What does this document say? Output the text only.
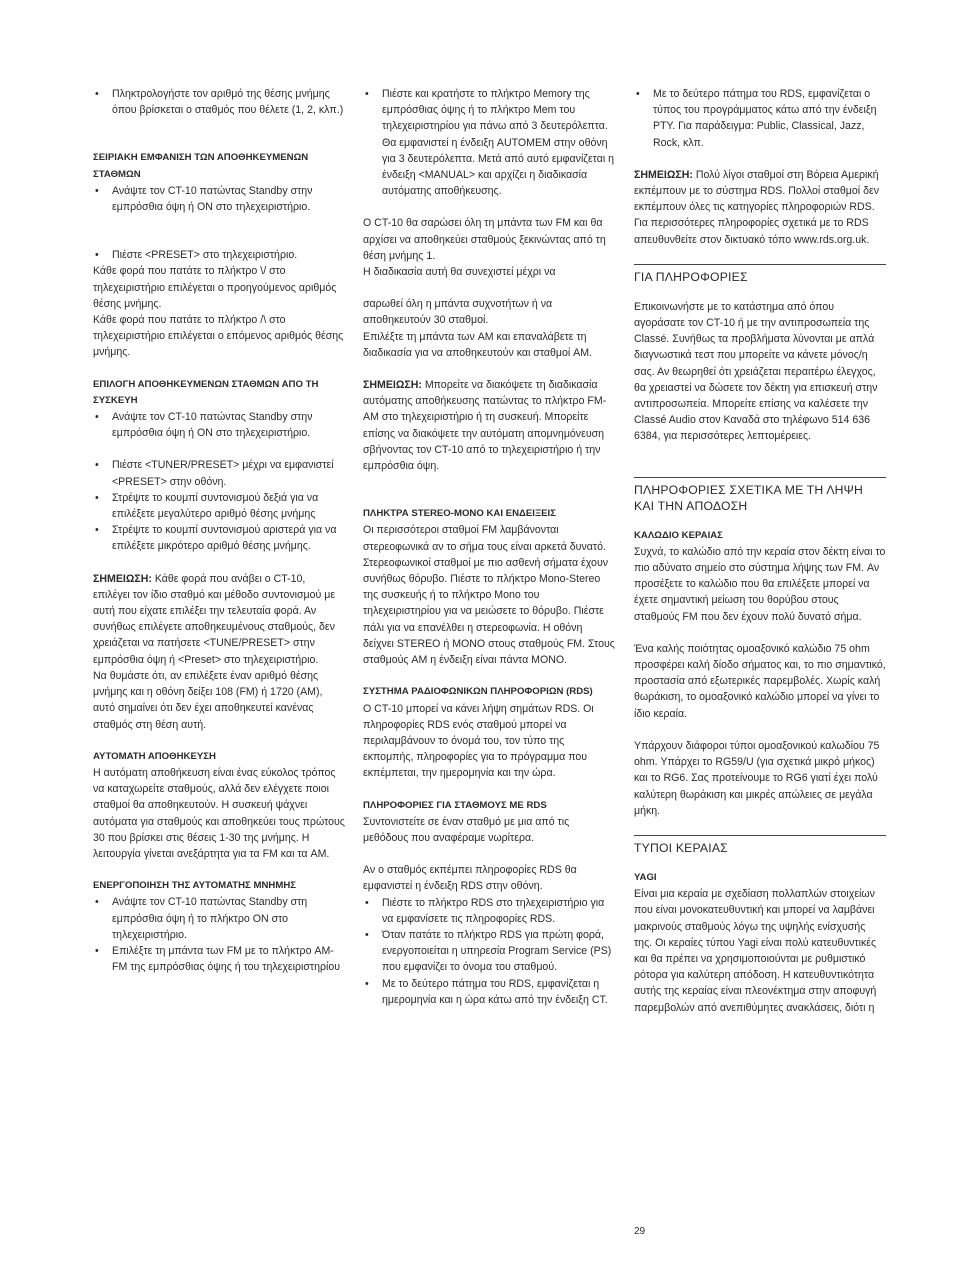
• Πληκτρολογήστε τον αριθμό της θέσης μνήμης όπου βρίσκεται ο σταθμός που θέλετε (1, 2, κλπ.)

ΣΕΙΡΙΑΚΗ ΕΜΦΑΝΙΣΗ ΤΩΝ ΑΠΟΘΗΚΕΥΜΕΝΩΝ ΣΤΑΘΜΩΝ

• Ανάψτε τον CT-10 πατώντας Standby στην εμπρόσθια όψη ή ON στο τηλεχειριστήριο.
• Πιέστε <PRESET> στο τηλεχειριστήριο.
Κάθε φορά που πατάτε το πλήκτρο \/ στο τηλεχειριστήριο επιλέγεται ο προηγούμενος αριθμός θέσης μνήμης.
Κάθε φορά που πατάτε το πλήκτρο /\ στο τηλεχειριστήριο επιλέγεται ο επόμενος αριθμός θέσης μνήμης.

ΕΠΙΛΟΓΗ ΑΠΟΘΗΚΕΥΜΕΝΩΝ ΣΤΑΘΜΩΝ ΑΠΟ ΤΗ ΣΥΣΚΕΥΗ

• Ανάψτε τον CT-10 πατώντας Standby στην εμπρόσθια όψη ή ON στο τηλεχειριστήριο.
• Πιέστε <TUNER/PRESET> μέχρι να εμφανιστεί <PRESET> στην οθόνη.
• Στρέψτε το κουμπί συντονισμού δεξιά για να επιλέξετε μεγαλύτερο αριθμό θέσης μνήμης
• Στρέψτε το κουμπί συντονισμού αριστερά για να επιλέξετε μικρότερο αριθμό θέσης μνήμης.
ΣΗΜΕΙΩΣΗ: Κάθε φορά που ανάβει ο CT-10, επιλέγει τον ίδιο σταθμό και μέθοδο συντονισμού με αυτή που είχατε επιλέξει την τελευταία φορά. Αν συνήθως επιλέγετε αποθηκευμένους σταθμούς, δεν χρειάζεται να πατήσετε <TUNE/PRESET> στην εμπρόσθια όψη ή <Preset> στο τηλεχειριστήριο.
Να θυμάστε ότι, αν επιλέξετε έναν αριθμό θέσης μνήμης και η οθόνη δείξει 108 (FM) ή 1720 (AM), αυτό σημαίνει ότι δεν έχει αποθηκευτεί κανένας σταθμός στη θέση αυτή.

ΑΥΤΟΜΑΤΗ ΑΠΟΘΗΚΕΥΣΗ

Η αυτόματη αποθήκευση είναι ένας εύκολος τρόπος να καταχωρείτε σταθμούς, αλλά δεν ελέγχετε ποιοι σταθμοί θα αποθηκευτούν. Η συσκευή ψάχνει αυτόματα για σταθμούς και αποθηκεύει τους πρώτους 30 που βρίσκει στις θέσεις 1-30 της μνήμης. Η λειτουργία γίνεται ανεξάρτητα για τα FM και τα AM.

ΕΝΕΡΓΟΠΟΙΗΣΗ ΤΗΣ ΑΥΤΟΜΑΤΗΣ ΜΝΗΜΗΣ

• Ανάψτε τον CT-10 πατώντας Standby στη εμπρόσθια όψη ή το πλήκτρο ON στο τηλεχειριστήριο.
• Επιλέξτε τη μπάντα των FM με το πλήκτρο AM-FM της εμπρόσθιας όψης ή του τηλεχειριστηρίου
• Πιέστε και κρατήστε το πλήκτρο Memory της εμπρόσθιας όψης ή το πλήκτρο Mem του τηλεχειριστηρίου για πάνω από 3 δευτερόλεπτα. Θα εμφανιστεί η ένδειξη AUTOMEM στην οθόνη για 3 δευτερόλεπτα. Μετά από αυτό εμφανίζεται η ένδειξη <MANUAL> και αρχίζει η διαδικασία αυτόματης αποθήκευσης.
Ο CT-10 θα σαρώσει όλη τη μπάντα των FM και θα αρχίσει να αποθηκεύει σταθμούς ξεκινώντας από τη θέση μνήμης 1.
Η διαδικασία αυτή θα συνεχιστεί μέχρι να
σαρωθεί όλη η μπάντα συχνοτήτων ή να αποθηκευτούν 30 σταθμοί.
Επιλέξτε τη μπάντα των AM και επαναλάβετε τη διαδικασία για να αποθηκευτούν και σταθμοί AM.
ΣΗΜΕΙΩΣΗ: Μπορείτε να διακόψετε τη διαδικασία αυτόματης αποθήκευσης πατώντας το πλήκτρο FM-AM στο τηλεχειριστήριο ή τη συσκευή. Μπορείτε επίσης να διακόψετε την αυτόματη απομνημόνευση σβήνοντας τον CT-10 από το τηλεχειριστήριο ή την εμπρόσθια όψη.

ΠΛΗΚΤΡΑ STEREO-MONO ΚΑΙ ΕΝΔΕΙΞΕΙΣ

Οι περισσότεροι σταθμοί FM λαμβάνονται στερεοφωνικά αν το σήμα τους είναι αρκετά δυνατό. Στερεοφωνικοί σταθμοί με πιο ασθενή σήματα έχουν συνήθως θόρυβο. Πιέστε το πλήκτρο Mono-Stereo της συσκευής ή το πλήκτρο Mono του τηλεχειριστηρίου για να μειώσετε το θόρυβο. Πιέστε πάλι για να επανέλθει η στερεοφωνία. Η οθόνη δείχνει STEREO ή MONO στους σταθμούς FM. Στους σταθμούς AM η ένδειξη είναι πάντα MONO.

ΣΥΣΤΗΜΑ ΡΑΔΙΟΦΩΝΙΚΩΝ ΠΛΗΡΟΦΟΡΙΩΝ (RDS)

Ο CT-10 μπορεί να κάνει λήψη σημάτων RDS. Οι πληροφορίες RDS ενός σταθμού μπορεί να περιλαμβάνουν το όνομά του, τον τύπο της εκπομπής, πληροφορίες για το πρόγραμμα που εκπέμπεται, την ημερομηνία και την ώρα.

ΠΛΗΡΟΦΟΡΙΕΣ ΓΙΑ ΣΤΑΘΜΟΥΣ ΜΕ RDS

Συντονιστείτε σε έναν σταθμό με μια από τις μεθόδους που αναφέραμε νωρίτερα.
Αν ο σταθμός εκπέμπει πληροφορίες RDS θα εμφανιστεί η ένδειξη RDS στην οθόνη.
• Πιέστε το πλήκτρο RDS στο τηλεχειριστήριο για να εμφανίσετε τις πληροφορίες RDS.
• Όταν πατάτε το πλήκτρο RDS για πρώτη φορά, ενεργοποιείται η υπηρεσία Program Service (PS) που εμφανίζει το όνομα του σταθμού.
• Με το δεύτερο πάτημα του RDS, εμφανίζεται η ημερομηνία και η ώρα κάτω από την ένδειξη CT.
• Με το δεύτερο πάτημα του RDS, εμφανίζεται ο τύπος του προγράμματος κάτω από την ένδειξη PTY. Για παράδειγμα: Public, Classical, Jazz, Rock, κλπ.
ΣΗΜΕΙΩΣΗ: Πολύ λίγοι σταθμοί στη Βόρεια Αμερική εκπέμπουν με το σύστημα RDS. Πολλοί σταθμοί δεν εκπέμπουν όλες τις κατηγορίες πληροφοριών RDS. Για περισσότερες πληροφορίες σχετικά με το RDS απευθυνθείτε στον δικτυακό τόπο www.rds.org.uk.
ΓΙΑ ΠΛΗΡΟΦΟΡΙΕΣ
Επικοινωνήστε με το κατάστημα από όπου αγοράσατε τον CT-10 ή με την αντιπροσωπεία της Classé. Συνήθως τα προβλήματα λύνονται με απλά διαγνωστικά τεστ που μπορείτε να κάνετε μόνος/η σας. Αν θεωρηθεί ότι χρειάζεται περαιτέρω έλεγχος, θα χρειαστεί να δώσετε τον δέκτη για επισκευή στην αντιπροσωπεία. Μπορείτε επίσης να καλέσετε την Classé Audio στον Καναδά στο τηλέφωνο 514 636 6384, για περισσότερες λεπτομέρειες.
ΠΛΗΡΟΦΟΡΙΕΣ ΣΧΕΤΙΚΑ ΜΕ ΤΗ ΛΗΨΗ ΚΑΙ ΤΗΝ ΑΠΟΔΟΣΗ

ΚΑΛΩΔΙΟ ΚΕΡΑΙΑΣ

Συχνά, το καλώδιο από την κεραία στον δέκτη είναι το πιο αδύνατο σημείο στο σύστημα λήψης των FM. Αν προσέξετε το καλώδιο που θα επιλέξετε μπορεί να έχετε σημαντική μείωση του θορύβου στους σταθμούς FM που δεν έχουν πολύ δυνατό σήμα.
Ένα καλής ποιότητας ομοαξονικό καλώδιο 75 ohm προσφέρει καλή δίοδο σήματος και, το πιο σημαντικό, προστασία από εξωτερικές παρεμβολές. Χωρίς καλή θωράκιση, το ομοαξονικό καλώδιο μπορεί να γίνει το ίδιο κεραία.
Υπάρχουν διάφοροι τύποι ομοαξονικού καλωδίου 75 ohm. Υπάρχει το RG59/U (για σχετικά μικρό μήκος) και το RG6. Σας προτείνουμε το RG6 γιατί έχει πολύ καλύτερη θωράκιση και μικρές απώλειες σε μεγάλα μήκη.
ΤΥΠΟΙ ΚΕΡΑΙΑΣ

YAGI

Είναι μια κεραία με σχεδίαση πολλαπλών στοιχείων που είναι μονοκατευθυντική και μπορεί να λαμβάνει μακρινούς σταθμούς λόγω της υψηλής ενίσχυσής της. Οι κεραίες τύπου Yagi είναι πολύ κατευθυντικές και θα πρέπει να χρησιμοποιούνται με ρυθμιστικό ρότορα για καλύτερη απόδοση. Η κατευθυντικότητα αυτής της κεραίας είναι πλεονέκτημα στην αποφυγή παρεμβολών από ανεπιθύμητες ανακλάσεις, διότι η
29
